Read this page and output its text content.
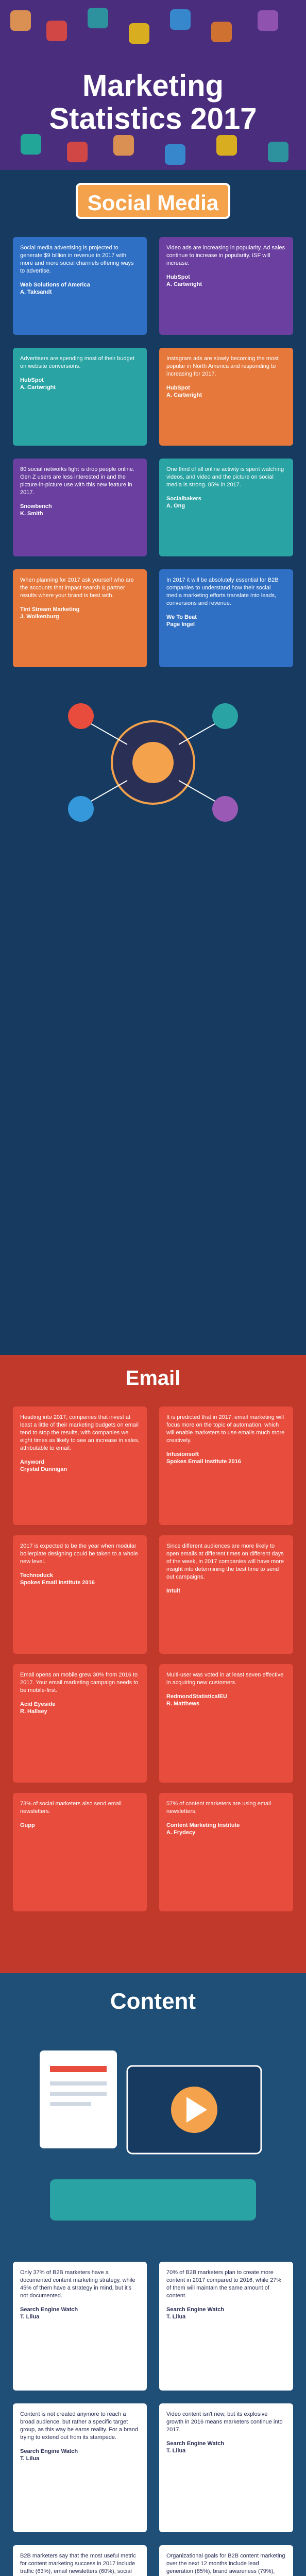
Marketing
Statistics 2017
Social Media
Social media advertising is projected to generate $9 billion in revenue in 2017 with more and more social channels offering ways to advertise.
Web Solutions of America
A. Taksandt
Video ads are increasing in popularity. Ad sales continue to increase in popularity. ISF will increase.
HubSpot
A. Cartwright
Advertisers are spending most of their budget on website conversions.
HubSpot
A. Cartwright
Instagram ads are slowly becoming the most popular in North America and responding to increasing for 2017.
HubSpot
A. Cartwright
80 social networks fight is drop people online. Gen Z users are less interested in and the picture-in-picture use with this new feature in 2017.
Snowbench
K. Smith
One third of all online activity is spent watching videos, and video and the picture on social media is strong. 85% in 2017.
Socialbakers
A. Ong
When planning for 2017 ask yourself who are the accounts that impact search & partner results where your brand is best with.
Tint Stream Marketing
J. Wolkenburg
In 2017 it will be absolutely essential for B2B companies to understand how their social media marketing efforts translate into leads, conversions and revenue.
We To Beat
Page Ingel
Email
Heading into 2017, companies that invest at least a little of their marketing budgets on email tend to stop the results, with companies we eight times as likely to see an increase in sales, attributable to email.
Anyword
Crystal Dunnigan
It is predicted that in 2017, email marketing will focus more on the topic of automation, which will enable marketers to use emails much more creatively.
Infusionsoft
Spokes Email Institute 2016
2017 is expected to be the year when modular boilerplate designing could be taken to a whole new level.
Technoduck
Spokes Email Institute 2016
Since different audiences are more likely to open emails at different times on different days of the week, in 2017 companies will have more insight into determining the best time to send out campaigns.
Intuit
Email opens on mobile grew 30% from 2016 to 2017. Your email marketing campaign needs to be mobile-first.
Acid Eyeside
R. Hallsey
Multi-user was voted in at least seven effective in acquiring new customers.
RedmondStatisticalEU
R. Matthews
73% of social marketers also send email newsletters.
Gupp
57% of content marketers are using email newsletters.
Content Marketing Institute
A. Frydecy
Content
Only 37% of B2B marketers have a documented content marketing strategy, while 45% of them have a strategy in mind, but it's not documented.
Search Engine Watch
T. Lilua
70% of B2B marketers plan to create more content in 2017 compared to 2016, while 27% of them will maintain the same amount of content.
Search Engine Watch
T. Lilua
Content is not created anymore to reach a broad audience, but rather a specific target group, as this way he earns reality. For a brand trying to extend out from its stampede.
Search Engine Watch
T. Lilua
Video content isn't new, but its explosive growth in 2016 means marketers continue into 2017.
Search Engine Watch
T. Lilua
B2B marketers say that the most useful metric for content marketing success in 2017 include traffic (63%), email newsletters (60%), social
Organizational goals for B2B content marketing over the next 12 months include lead generation (85%), brand awareness (79%),
